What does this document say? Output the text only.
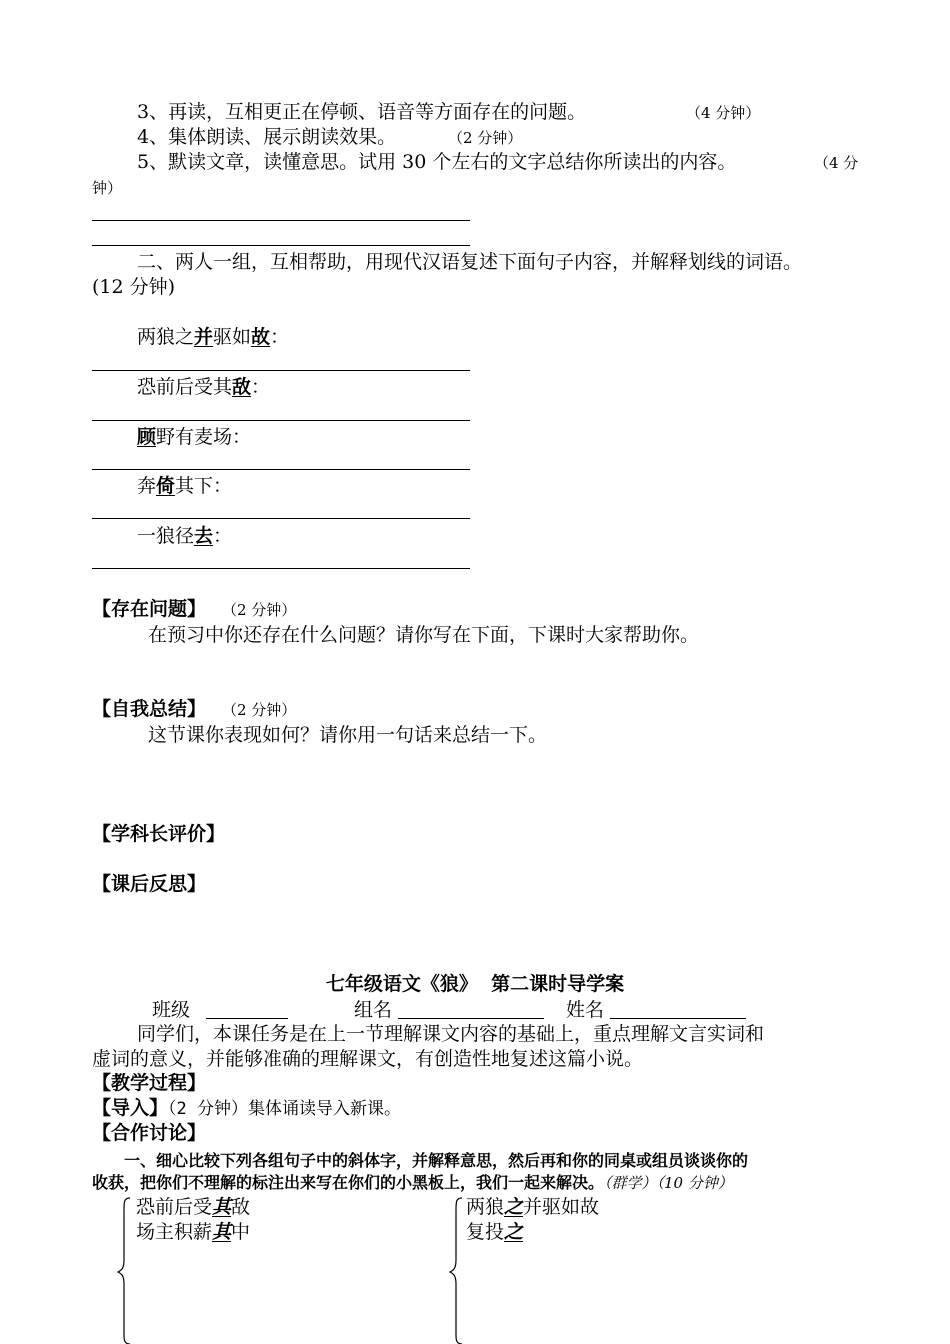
3、再读，互相更正在停顿、语音等方面存在的问题。	（4 分钟）
4、集体朗读、展示朗读效果。	（2 分钟）
5、默读文章，读懂意思。试用 30 个左右的文字总结你所读出的内容。	（4 分
钟）
二、两人一组，互相帮助，用现代汉语复述下面句子内容，并解释划线的词语。
(12 分钟)
两狼之并驱如故：
恐前后受其敌：
顾野有麦场：
奔倚其下：
一狼径去：
【存在问题】 （2 分钟）
在预习中你还存在什么问题？请你写在下面，下课时大家帮助你。
【自我总结】 （2 分钟）
这节课你表现如何？请你用一句话来总结一下。
【学科长评价】
【课后反思】
七年级语文《狼》  第二课时导学案
班级	组名	姓名
同学们，本课任务是在上一节理解课文内容的基础上，重点理解文言实词和
虚词的意义，并能够准确的理解课文，有创造性地复述这篇小说。
【教学过程】
【导入】（2 分钟）集体诵读导入新课。
【合作讨论】
一、细心比较下列各组句子中的斜体字，并解释意思，然后再和你的同桌或组员谈谈你的
收获，把你们不理解的标注出来写在你们的小黑板上，我们一起来解决。（群学）（10 分钟）
恐前后受其敌
场主积薪其中
两狼之并驱如故
复投之
